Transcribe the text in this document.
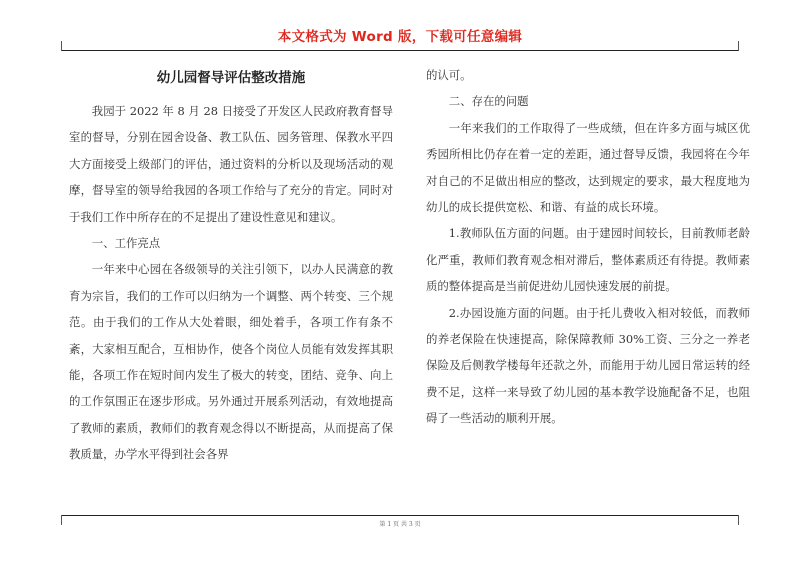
本文格式为 Word 版，下载可任意编辑
幼儿园督导评估整改措施

我园于 2022 年 8 月 28 日接受了开发区人民政府教育督导室的督导，分别在园舍设备、教工队伍、园务管理、保教水平四大方面接受上级部门的评估，通过资料的分析以及现场活动的观摩，督导室的领导给我园的各项工作给与了充分的肯定。同时对于我们工作中所存在的不足提出了建设性意见和建议。

一、工作亮点

一年来中心园在各级领导的关注引领下，以办人民满意的教育为宗旨，我们的工作可以归纳为一个调整、两个转变、三个规范。由于我们的工作从大处着眼，细处着手，各项工作有条不紊，大家相互配合，互相协作，使各个岗位人员能有效发挥其职能，各项工作在短时间内发生了极大的转变，团结、竞争、向上的工作氛围正在逐步形成。另外通过开展系列活动，有效地提高了教师的素质，教师们的教育观念得以不断提高，从而提高了保教质量，办学水平得到社会各界

的认可。

二、存在的问题

一年来我们的工作取得了一些成绩，但在许多方面与城区优秀园所相比仍存在着一定的差距，通过督导反馈，我园将在今年对自己的不足做出相应的整改，达到规定的要求，最大程度地为幼儿的成长提供宽松、和谐、有益的成长环境。

1.教师队伍方面的问题。由于建园时间较长，目前教师老龄化严重，教师们教育观念相对滞后，整体素质还有待提。教师素质的整体提高是当前促进幼儿园快速发展的前提。

2.办园设施方面的问题。由于托儿费收入相对较低，而教师的养老保险在快速提高，除保障教师 30%工资、三分之一养老保险及后侧教学楼每年还款之外，而能用于幼儿园日常运转的经费不足，这样一来导致了幼儿园的基本教学设施配备不足，也阻碍了一些活动的顺利开展。

第 1 页 共 3 页
